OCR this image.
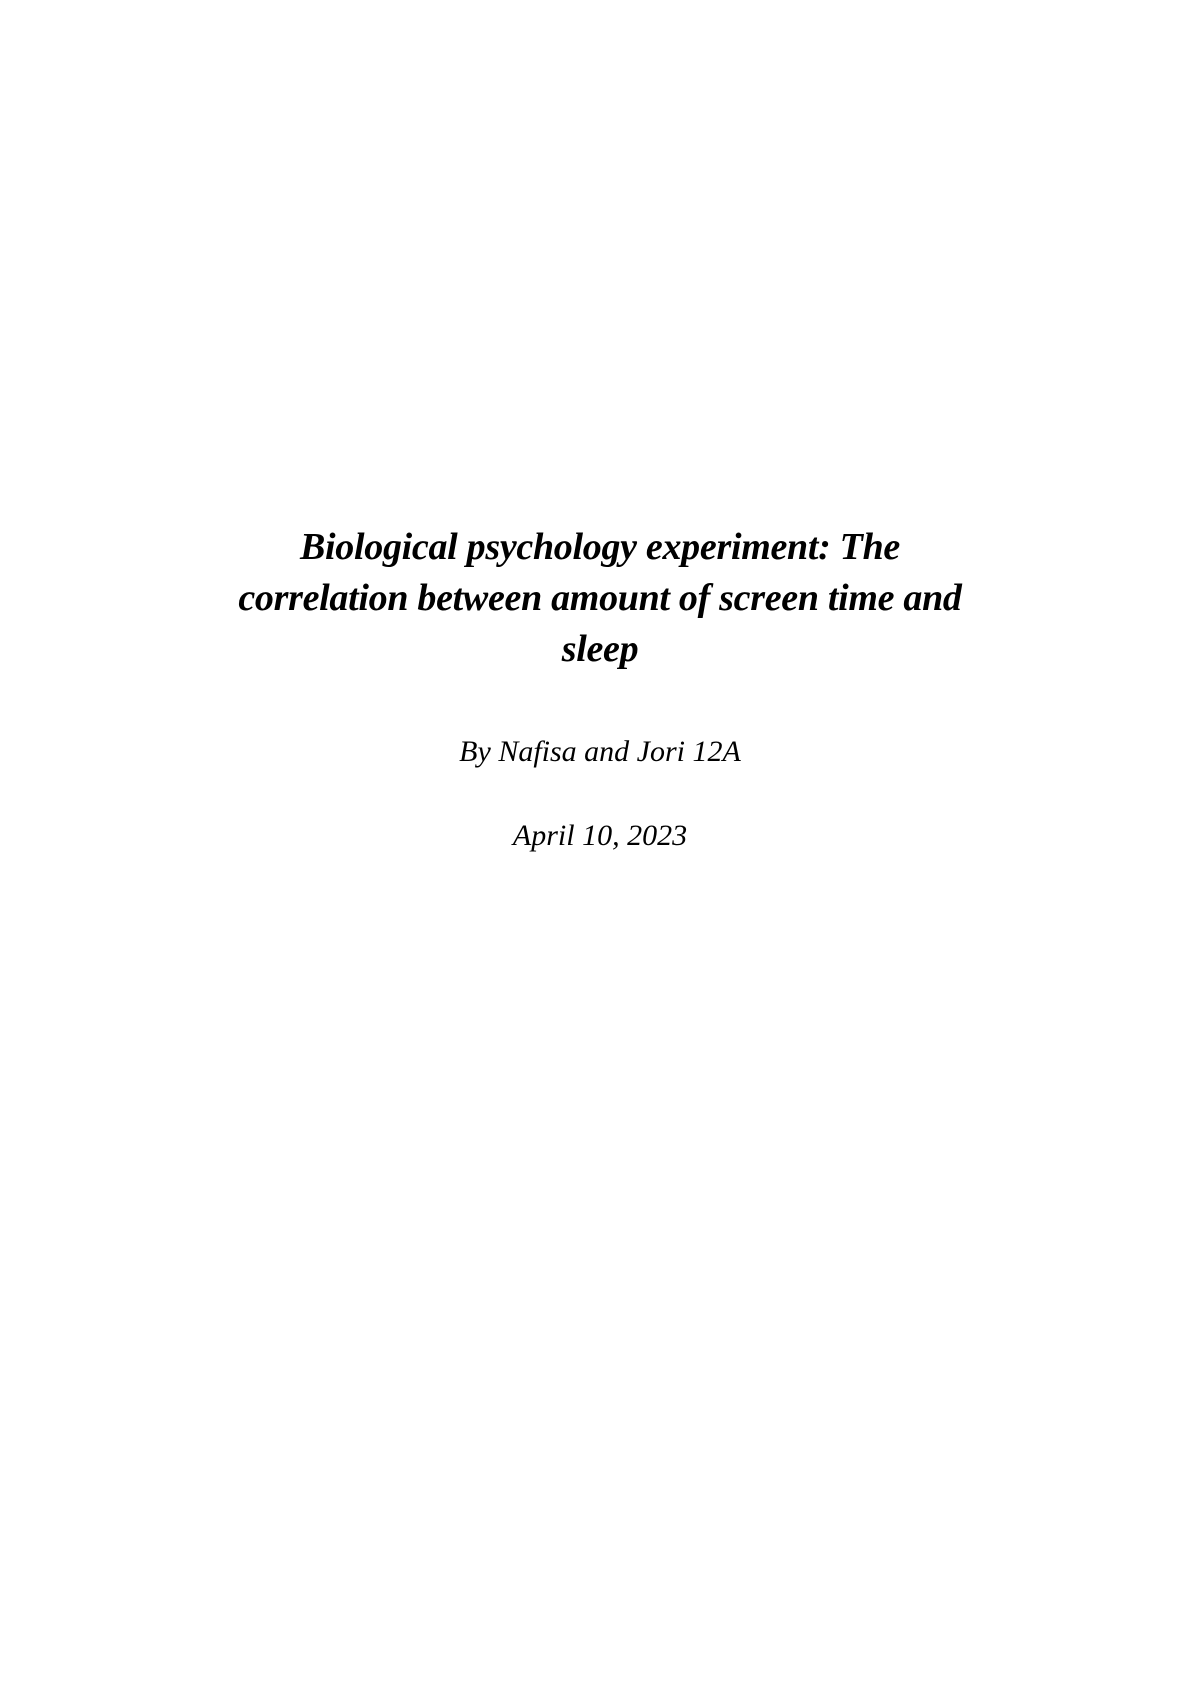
Biological psychology experiment: The
correlation between amount of screen time and
sleep

By Nafisa and Jori 12A

April 10, 2023
